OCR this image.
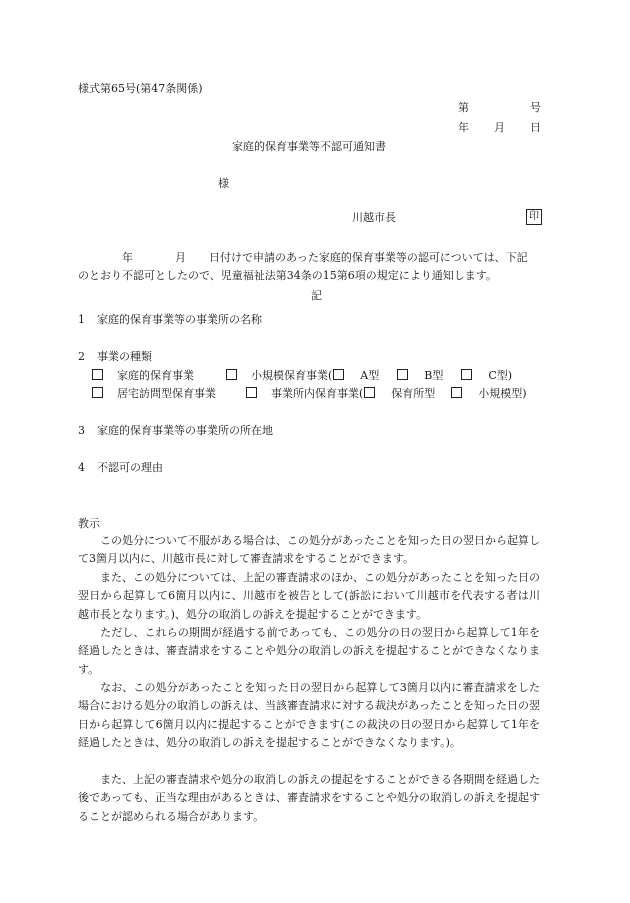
様式第65号(第47条関係)
第	号
年 月 日
家庭的保育事業等不認可通知書
様
川越市長	印
年	月 日付けで申請のあった家庭的保育事業等の認可については、下記
のとおり不認可としたので、児童福祉法第34条の15第6項の規定により通知します。
記
1 家庭的保育事業等の事業所の名称
2 事業の種類
家庭的保育事業	小規模保育事業(	A型	B型	C型)
居宅訪問型保育事業	事業所内保育事業(	保育所型	小規模型)
3 家庭的保育事業等の事業所の所在地
4 不認可の理由
教示

この処分について不服がある場合は、この処分があったことを知った日の翌日から起算して3箇月以内に、川越市長に対して審査請求をすることができます。

また、この処分については、上記の審査請求のほか、この処分があったことを知った日の翌日から起算して6箇月以内に、川越市を被告として(訴訟において川越市を代表する者は川越市長となります。)、処分の取消しの訴えを提起することができます。

ただし、これらの期間が経過する前であっても、この処分の日の翌日から起算して1年を経過したときは、審査請求をすることや処分の取消しの訴えを提起することができなくなります。

なお、この処分があったことを知った日の翌日から起算して3箇月以内に審査請求をした場合における処分の取消しの訴えは、当該審査請求に対する裁決があったことを知った日の翌日から起算して6箇月以内に提起することができます(この裁決の日の翌日から起算して1年を経過したときは、処分の取消しの訴えを提起することができなくなります。)。

また、上記の審査請求や処分の取消しの訴えの提起をすることができる各期間を経過した後であっても、正当な理由があるときは、審査請求をすることや処分の取消しの訴えを提起することが認められる場合があります。
